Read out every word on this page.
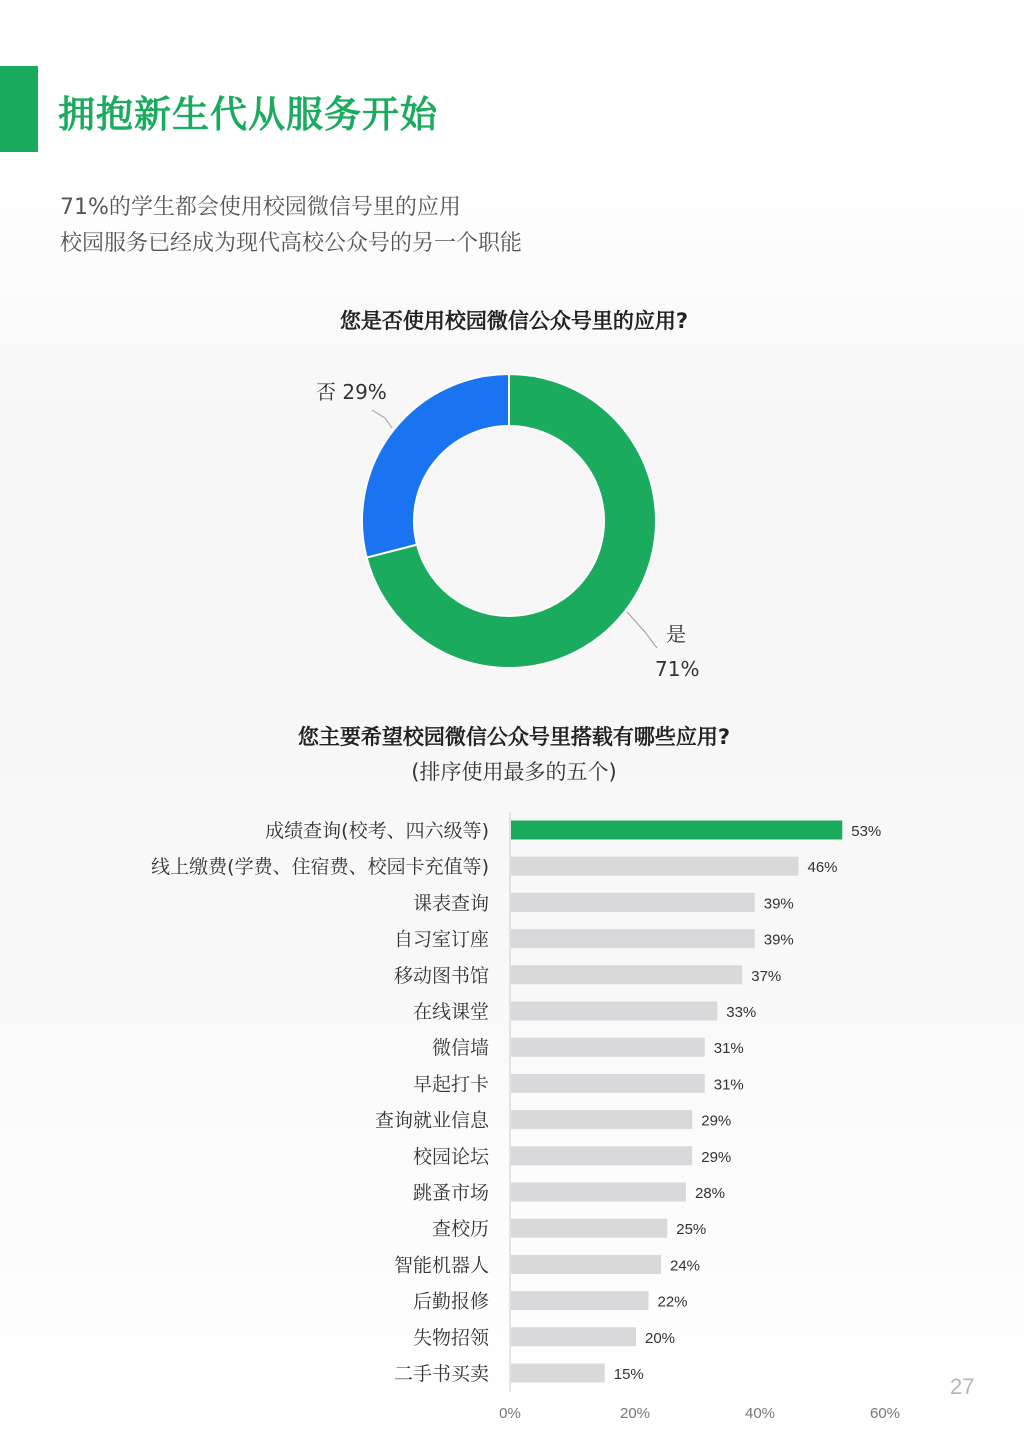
拥抱新生代从服务开始
71%的学生都会使用校园微信号里的应用
校园服务已经成为现代高校公众号的另一个职能
您是否使用校园微信公众号里的应用?
您主要希望校园微信公众号里搭载有哪些应用?
(排序使用最多的五个)
是
71%
否 29%
成绩查询(校考、四六级等)	53%
线上缴费(学费、住宿费、校园卡充值等)	46%
课表查询	39%
自习室订座	39%
移动图书馆	37%
在线课堂	33%
微信墙	31%
早起打卡	31%
查询就业信息	29%
校园论坛	29%
跳蚤市场	28%
查校历	25%
智能机器人	24%
后勤报修	22%
失物招领	20%
二手书买卖	15%
0%	20%	40%	60%
27
